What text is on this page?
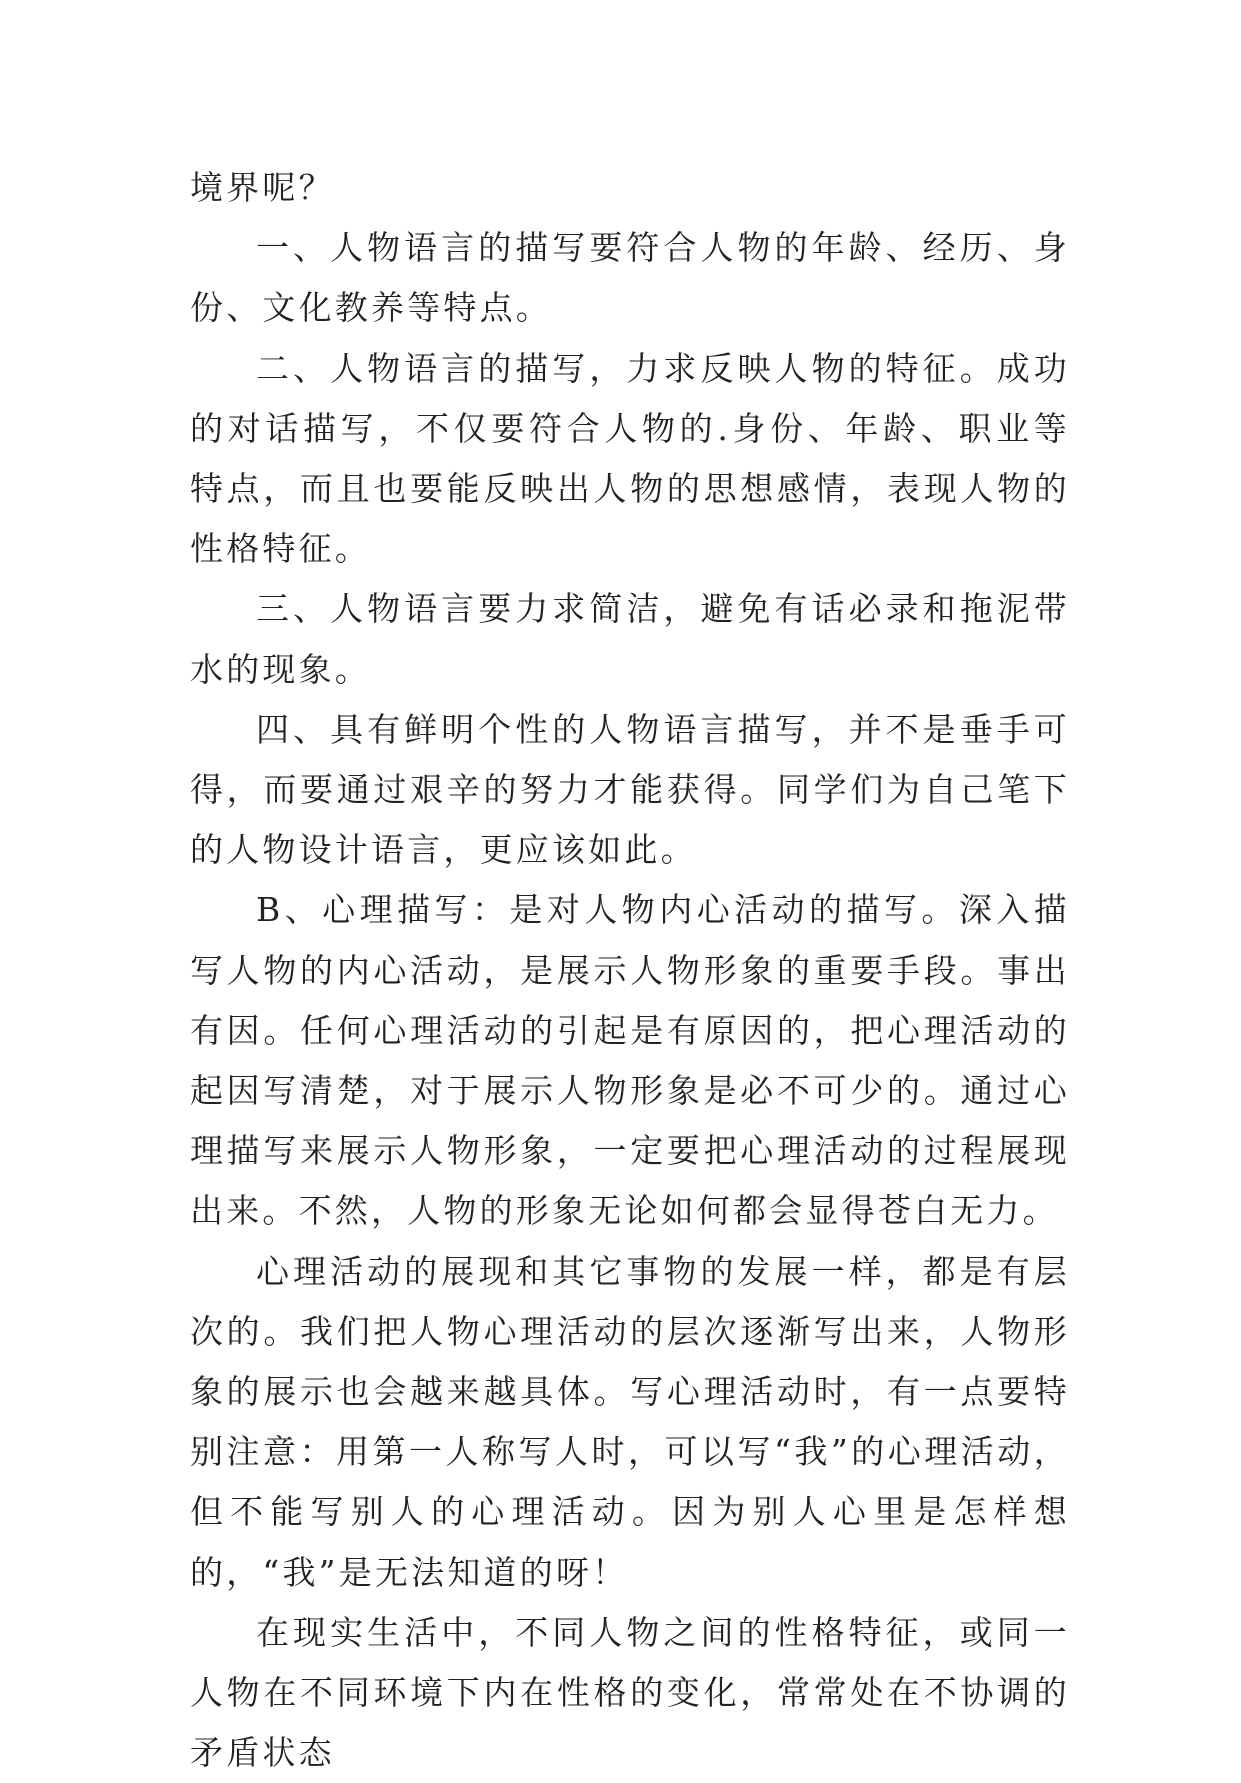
境界呢？

一、人物语言的描写要符合人物的年龄、经历、身份、文化教养等特点。

二、人物语言的描写，力求反映人物的特征。成功的对话描写，不仅要符合人物的.身份、年龄、职业等特点，而且也要能反映出人物的思想感情，表现人物的性格特征。

三、人物语言要力求简洁，避免有话必录和拖泥带水的现象。

四、具有鲜明个性的人物语言描写，并不是垂手可得，而要通过艰辛的努力才能获得。同学们为自己笔下的人物设计语言，更应该如此。

B、心理描写：是对人物内心活动的描写。深入描写人物的内心活动，是展示人物形象的重要手段。事出有因。任何心理活动的引起是有原因的，把心理活动的起因写清楚，对于展示人物形象是必不可少的。通过心理描写来展示人物形象，一定要把心理活动的过程展现出来。不然，人物的形象无论如何都会显得苍白无力。

心理活动的展现和其它事物的发展一样，都是有层次的。我们把人物心理活动的层次逐渐写出来，人物形象的展示也会越来越具体。写心理活动时，有一点要特别注意：用第一人称写人时，可以写“我”的心理活动，但不能写别人的心理活动。因为别人心里是怎样想的，“我”是无法知道的呀！

在现实生活中，不同人物之间的性格特征，或同一人物在不同环境下内在性格的变化，常常处在不协调的矛盾状态
